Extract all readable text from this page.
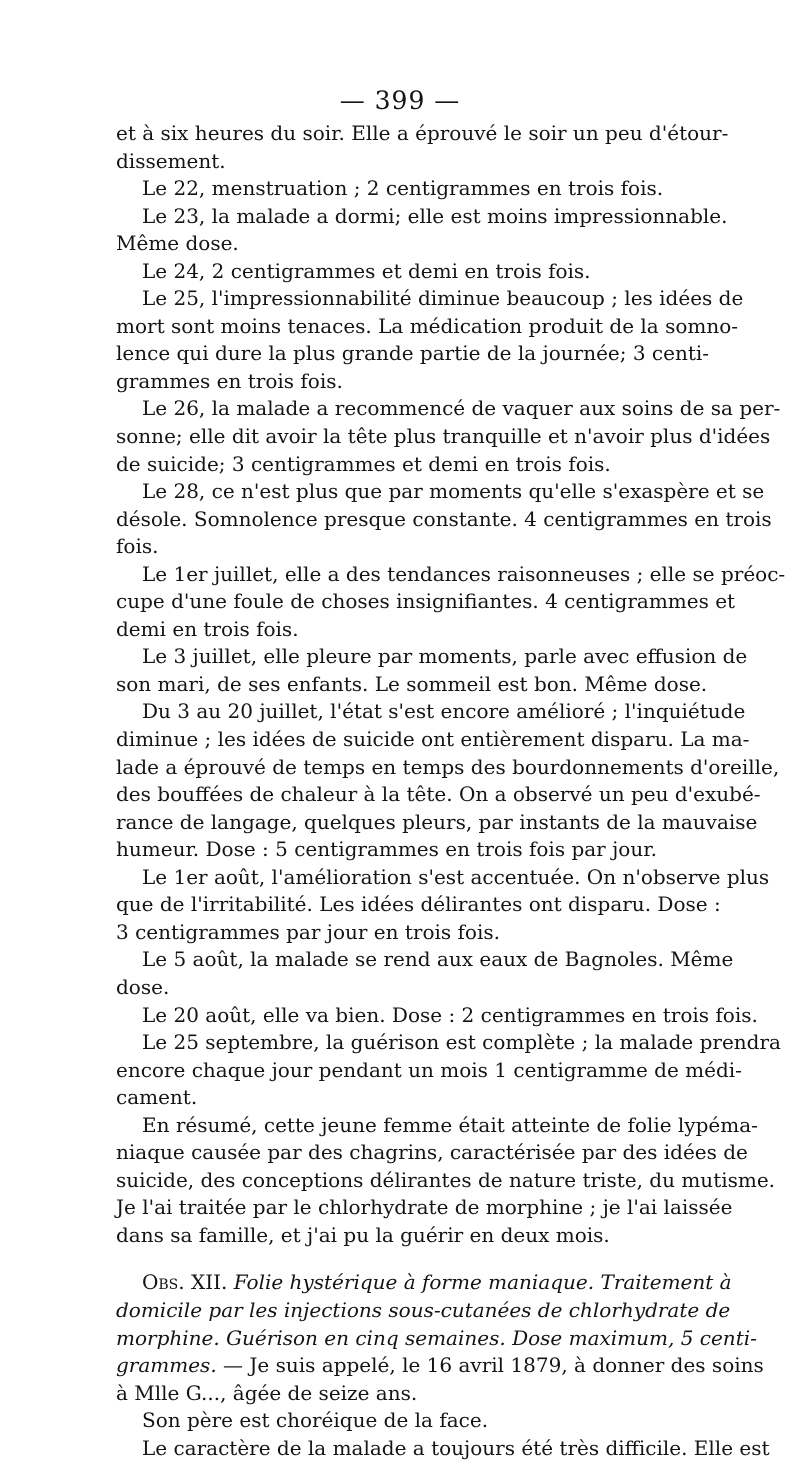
— 399 —
et à six heures du soir. Elle a éprouvé le soir un peu d'étour-
dissement.
Le 22, menstruation ; 2 centigrammes en trois fois.
Le 23, la malade a dormi; elle est moins impressionnable.
Même dose.
Le 24, 2 centigrammes et demi en trois fois.
Le 25, l'impressionnabilité diminue beaucoup ; les idées de
mort sont moins tenaces. La médication produit de la somno-
lence qui dure la plus grande partie de la journée; 3 centi-
grammes en trois fois.
Le 26, la malade a recommencé de vaquer aux soins de sa per-
sonne; elle dit avoir la tête plus tranquille et n'avoir plus d'idées
de suicide; 3 centigrammes et demi en trois fois.
Le 28, ce n'est plus que par moments qu'elle s'exaspère et se
désole. Somnolence presque constante. 4 centigrammes en trois
fois.
Le 1er juillet, elle a des tendances raisonneuses ; elle se préoc-
cupe d'une foule de choses insignifiantes. 4 centigrammes et
demi en trois fois.
Le 3 juillet, elle pleure par moments, parle avec effusion de
son mari, de ses enfants. Le sommeil est bon. Même dose.
Du 3 au 20 juillet, l'état s'est encore amélioré ; l'inquiétude
diminue ; les idées de suicide ont entièrement disparu. La ma-
lade a éprouvé de temps en temps des bourdonnements d'oreille,
des bouffées de chaleur à la tête. On a observé un peu d'exubé-
rance de langage, quelques pleurs, par instants de la mauvaise
humeur. Dose : 5 centigrammes en trois fois par jour.
Le 1er août, l'amélioration s'est accentuée. On n'observe plus
que de l'irritabilité. Les idées délirantes ont disparu. Dose :
3 centigrammes par jour en trois fois.
Le 5 août, la malade se rend aux eaux de Bagnoles. Même
dose.
Le 20 août, elle va bien. Dose : 2 centigrammes en trois fois.
Le 25 septembre, la guérison est complète ; la malade prendra
encore chaque jour pendant un mois 1 centigramme de médi-
cament.
En résumé, cette jeune femme était atteinte de folie lypéma-
niaque causée par des chagrins, caractérisée par des idées de
suicide, des conceptions délirantes de nature triste, du mutisme.
Je l'ai traitée par le chlorhydrate de morphine ; je l'ai laissée
dans sa famille, et j'ai pu la guérir en deux mois.
Obs. XII. Folie hystérique à forme maniaque. Traitement à
domicile par les injections sous-cutanées de chlorhydrate de
morphine. Guérison en cinq semaines. Dose maximum, 5 centi-
grammes. — Je suis appelé, le 16 avril 1879, à donner des soins
à Mlle G..., âgée de seize ans.
Son père est choréique de la face.
Le caractère de la malade a toujours été très difficile. Elle est
